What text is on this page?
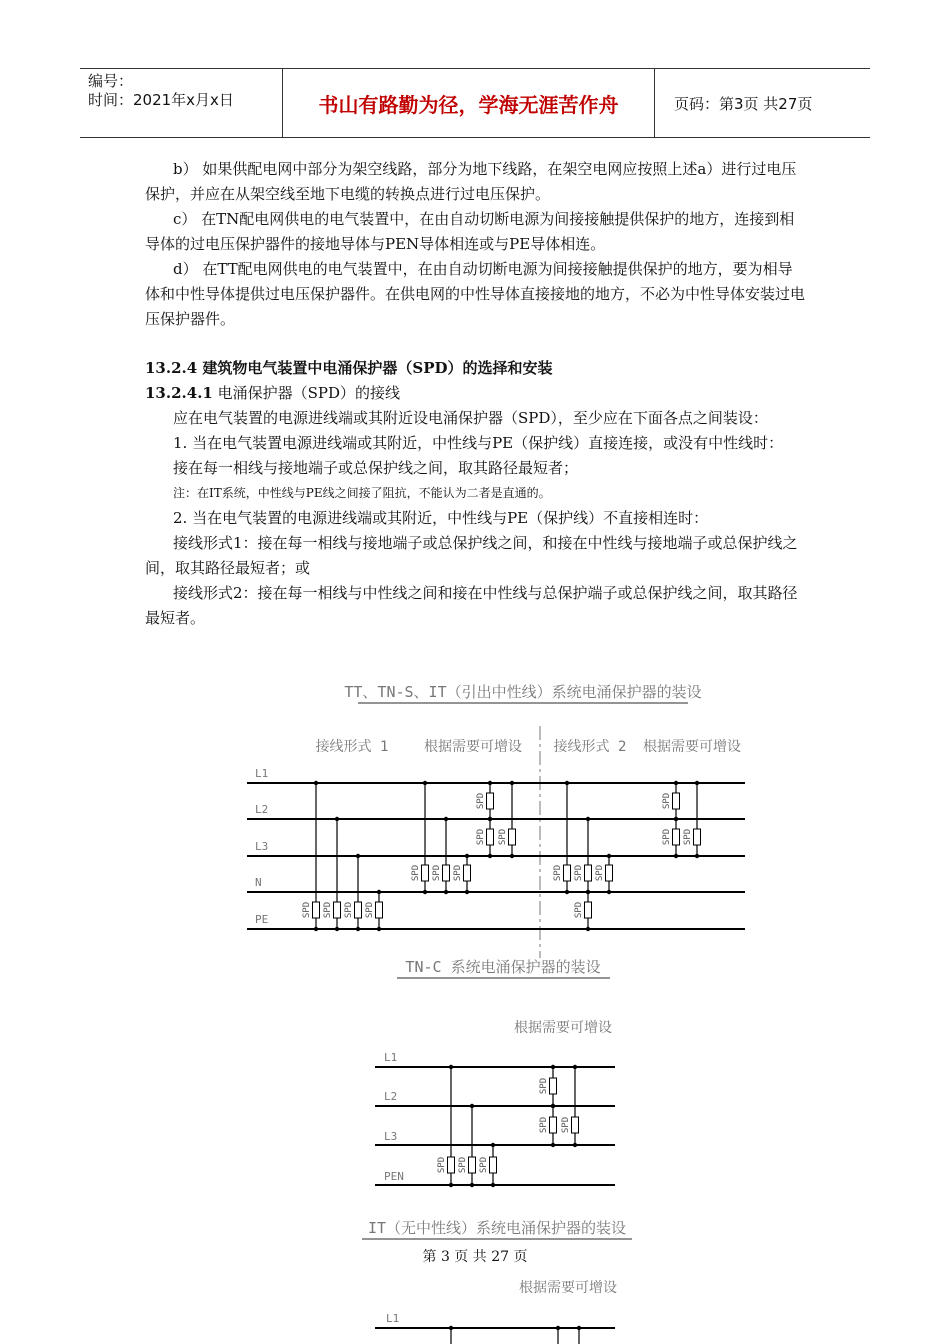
编号：
时间：2021年x月x日	书山有路勤为径，学海无涯苦作舟	页码：第3页 共27页

b） 如果供配电网中部分为架空线路，部分为地下线路，在架空电网应按照上述a）进行过电压保护，并应在从架空线至地下电缆的转换点进行过电压保护。

c） 在TN配电网供电的电气装置中，在由自动切断电源为间接接触提供保护的地方，连接到相导体的过电压保护器件的接地导体与PEN导体相连或与PE导体相连。

d） 在TT配电网供电的电气装置中，在由自动切断电源为间接接触提供保护的地方，要为相导体和中性导体提供过电压保护器件。在供电网的中性导体直接接地的地方，不必为中性导体安装过电压保护器件。

13.2.4 建筑物电气装置中电涌保护器（SPD）的选择和安装

13.2.4.1 电涌保护器（SPD）的接线

应在电气装置的电源进线端或其附近设电涌保护器（SPD），至少应在下面各点之间装设：

1. 当在电气装置电源进线端或其附近，中性线与PE（保护线）直接连接，或没有中性线时：

接在每一相线与接地端子或总保护线之间，取其路径最短者；

注：在IT系统，中性线与PE线之间接了阻抗，不能认为二者是直通的。

2. 当在电气装置的电源进线端或其附近，中性线与PE（保护线）不直接相连时：

接线形式1：接在每一相线与接地端子或总保护线之间，和接在中性线与接地端子或总保护线之间，取其路径最短者；或

接线形式2：接在每一相线与中性线之间和接在中性线与总保护端子或总保护线之间，取其路径最短者。

TT、TN-S、IT（引出中性线）系统电涌保护器的装设
接线形式 1	根据需要可增设 接线形式 2 根据需要可增设
L1
L2
L3
N
PE
SPD SPD SPD SPD
SPD SPD SPD
SPD
SPD SPD
SPD SPD SPD
SPD
SPD
SPD SPD
TN-C 系统电涌保护器的装设
根据需要可增设
L1
L2
L3
PEN
SPD SPD SPD
SPD
SPD SPD
IT（无中性线）系统电涌保护器的装设
根据需要可增设
L1
第 3 页 共 27 页
